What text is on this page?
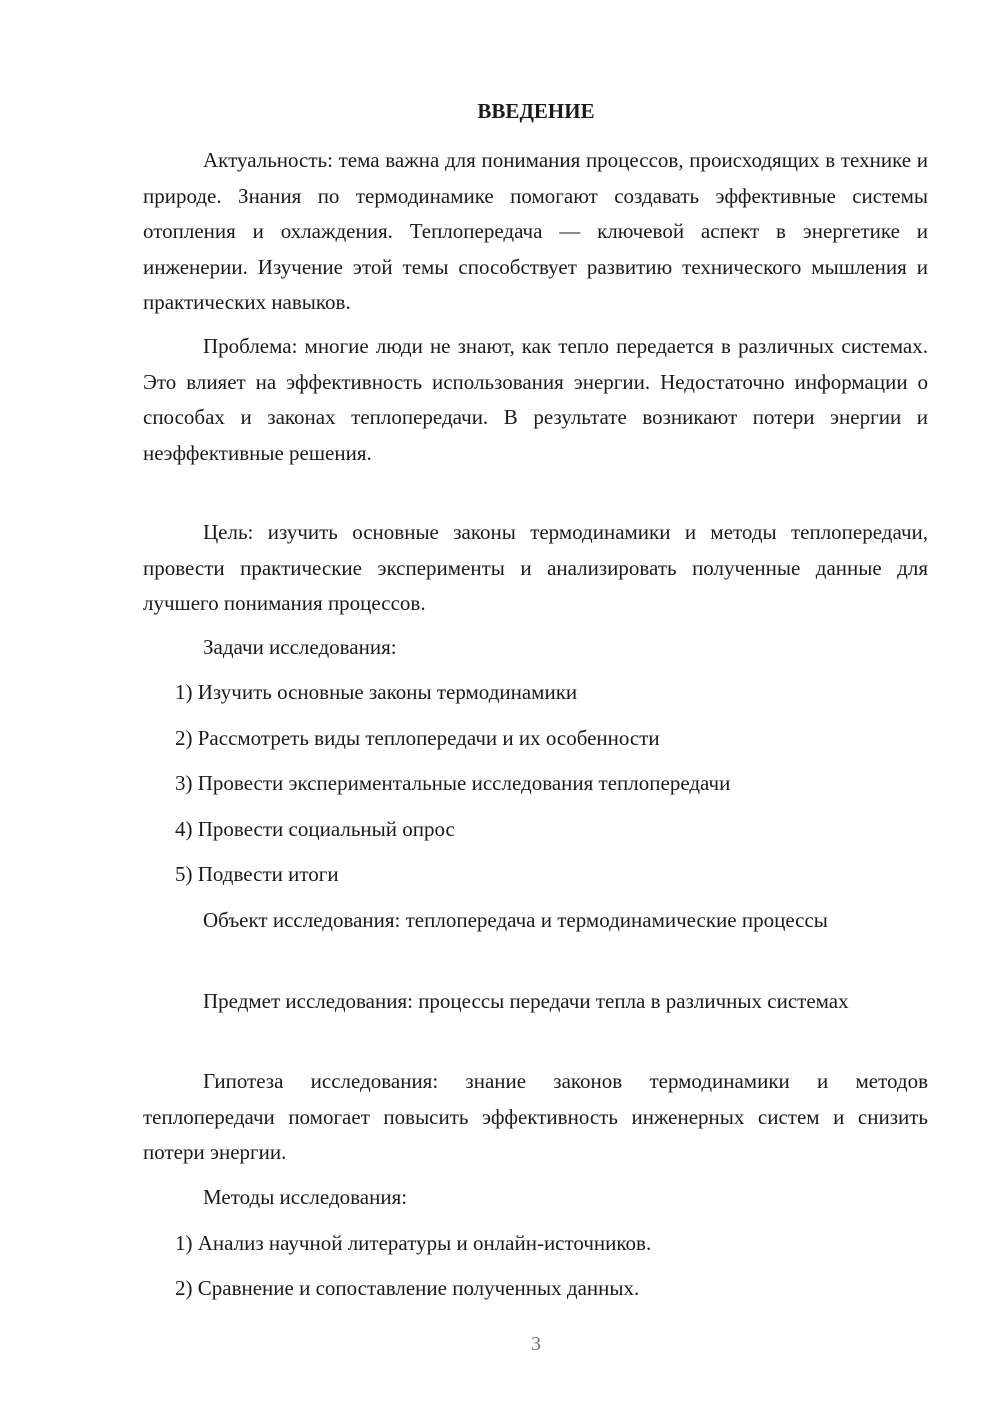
ВВЕДЕНИЕ

Актуальность: тема важна для понимания процессов, происходящих в технике и природе. Знания по термодинамике помогают создавать эффективные системы отопления и охлаждения. Теплопередача — ключевой аспект в энергетике и инженерии. Изучение этой темы способствует развитию технического мышления и практических навыков.

Проблема: многие люди не знают, как тепло передается в различных системах. Это влияет на эффективность использования энергии. Недостаточно информации о способах и законах теплопередачи. В результате возникают потери энергии и неэффективные решения.

Цель: изучить основные законы термодинамики и методы теплопередачи, провести практические эксперименты и анализировать полученные данные для лучшего понимания процессов.

Задачи исследования:

1) Изучить основные законы термодинамики

2) Рассмотреть виды теплопередачи и их особенности

3) Провести экспериментальные исследования теплопередачи

4) Провести социальный опрос

5) Подвести итоги

Объект исследования: теплопередача и термодинамические процессы

Предмет исследования: процессы передачи тепла в различных системах

Гипотеза исследования: знание законов термодинамики и методов теплопередачи помогает повысить эффективность инженерных систем и снизить потери энергии.

Методы исследования:

1) Анализ научной литературы и онлайн-источников.

2) Сравнение и сопоставление полученных данных.

3
